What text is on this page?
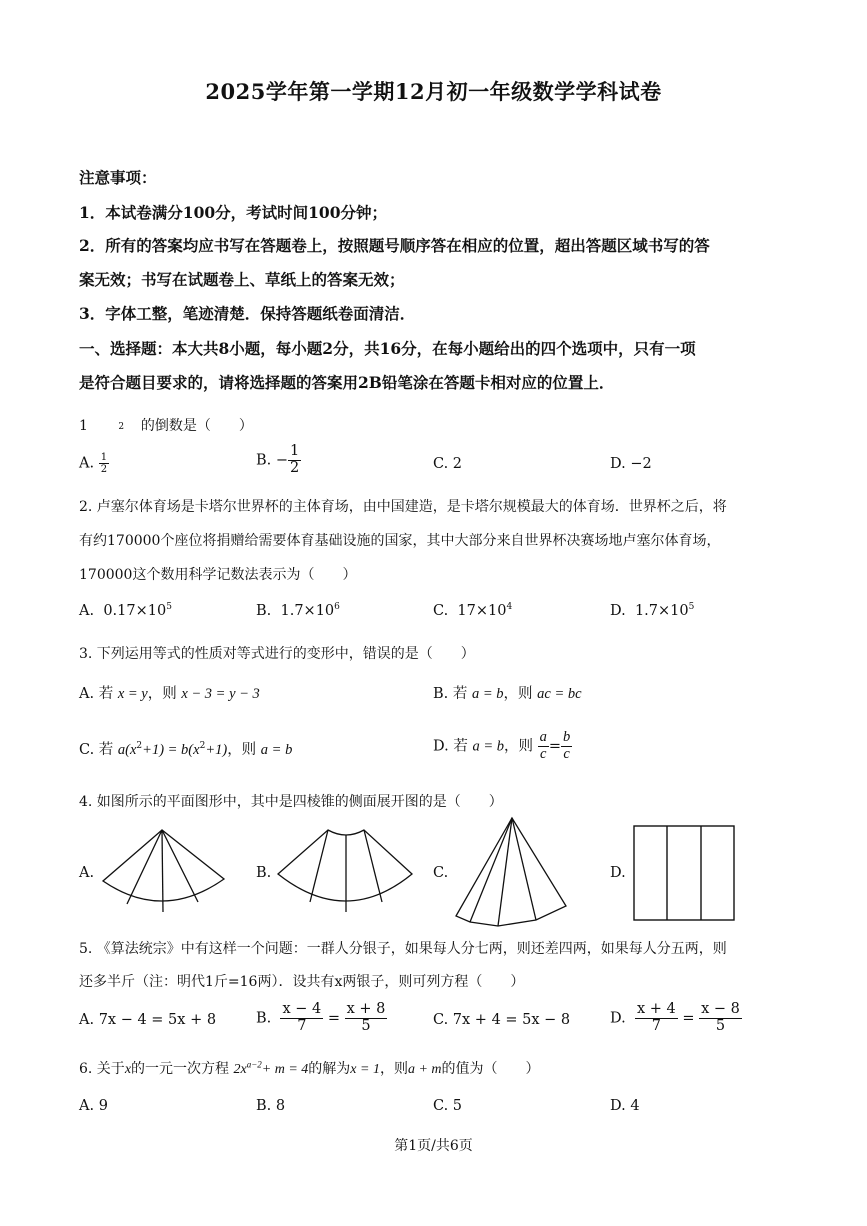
2025学年第一学期12月初一年级数学学科试卷
注意事项：
1．本试卷满分100分，考试时间100分钟；
2．所有的答案均应书写在答题卷上，按照题号顺序答在相应的位置，超出答题区域书写的答
案无效；书写在试题卷上、草纸上的答案无效；
3．字体工整，笔迹清楚．保持答题纸卷面清洁．
一、选择题：本大共8小题，每小题2分，共16分，在每小题给出的四个选项中，只有一项
是符合题目要求的，请将选择题的答案用2B铅笔涂在答题卡相对应的位置上．
1	2 的倒数是（　　）
A. $\frac{1}{2}$	B. − $\frac{1}{2}$	C. 2	D. −2
2. 卢塞尔体育场是卡塔尔世界杯的主体育场，由中国建造，是卡塔尔规模最大的体育场．世界杯之后，将
有约170000个座位将捐赠给需要体育基础设施的国家，其中大部分来自世界杯决赛场地卢塞尔体育场，
170000这个数用科学记数法表示为（　　）
A. $0.17\times 10^5$	B. $1.7\times 10^6$	C. $17\times 10^4$	D. $1.7\times 10^5$
3. 下列运用等式的性质对等式进行的变形中，错误的是（　　）
A. 若 x = y，则 x − 3 = y − 3	B. 若 a = b，则 ac = bc
C. 若 $a(x^2+1) = b(x^2+1)$，则 a = b	D. 若 a = b，则 $\frac{a}{c} = \frac{b}{c}$
4. 如图所示的平面图形中，其中是四棱锥的侧面展开图的是（　　）
A.	B.	C.	D.
5. 《算法统宗》中有这样一个问题：一群人分银子，如果每人分七两，则还差四两，如果每人分五两，则
还多半斤（注：明代1斤=16两）．设共有x两银子，则可列方程（　　）
A. 7x − 4 = 5x + 8	B. $\frac{x - 4}{7} = \frac{x + 8}{5}$	C. 7x + 4 = 5x − 8	D. $\frac{x + 4}{7} = \frac{x - 8}{5}$
6. 关于x的一元一次方程 $2x^{a-2}+ m = 4$的解为x = 1，则a + m的值为（　　）
A. 9	B. 8	C. 5	D. 4
第1页/共6页
